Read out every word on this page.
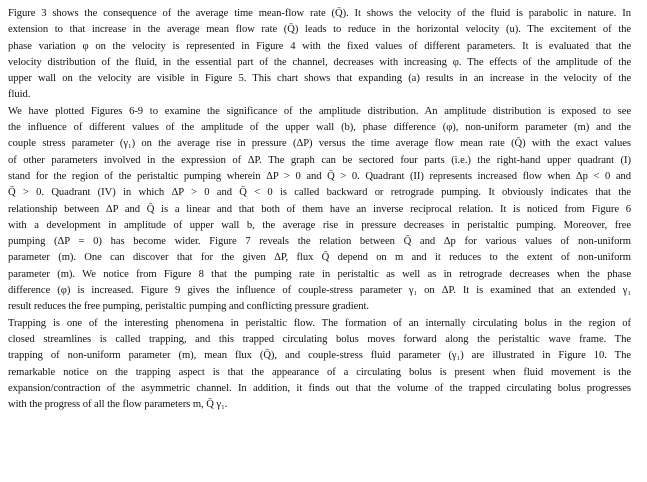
Figure 3 shows the consequence of the average time mean-flow rate (Q̄). It shows the velocity of the fluid is parabolic in nature. In
extension to that increase in the average mean flow rate (Q̄) leads to reduce in the horizontal velocity (u). The excitement of the
phase variation φ on the velocity is represented in Figure 4 with the fixed values of different parameters. It is evaluated that the
velocity distribution of the fluid, in the essential part of the channel, decreases with increasing φ. The effects of the amplitude of the
upper wall on the velocity are visible in Figure 5. This chart shows that expanding (a) results in an increase in the velocity of the
fluid.
We have plotted Figures 6-9 to examine the significance of the amplitude distribution. An amplitude distribution is exposed to see
the influence of different values of the amplitude of the upper wall (b), phase difference (φ), non-uniform parameter (m) and the
couple stress parameter (γ₁) on the average rise in pressure (ΔP) versus the time average flow mean rate (Q̄) with the exact values
of other parameters involved in the expression of ΔP. The graph can be sectored four parts (i.e.) the right-hand upper quadrant (I)
stand for the region of the peristaltic pumping wherein ΔP > 0 and Q̄ > 0. Quadrant (II) represents increased flow when Δp < 0 and
Q̄ > 0. Quadrant (IV) in which ΔP > 0 and Q̄ < 0 is called backward or retrograde pumping. It obviously indicates that the
relationship between ΔP and Q̄ is a linear and that both of them have an inverse reciprocal relation. It is noticed from Figure 6
with a development in amplitude of upper wall b, the average rise in pressure decreases in peristaltic pumping. Moreover, free
pumping (ΔP = 0) has become wider. Figure 7 reveals the relation between Q̄ and Δp for various values of non-uniform
parameter (m). One can discover that for the given ΔP, flux Q̄ depend on m and it reduces to the extent of non-uniform
parameter (m). We notice from Figure 8 that the pumping rate in peristaltic as well as in retrograde decreases when the phase
difference (φ) is increased. Figure 9 gives the influence of couple-stress parameter γ₁ on ΔP. It is examined that an extended γ₁
result reduces the free pumping, peristaltic pumping and conflicting pressure gradient.
Trapping is one of the interesting phenomena in peristaltic flow. The formation of an internally circulating bolus in the region of
closed streamlines is called trapping, and this trapped circulating bolus moves forward along the peristaltic wave frame. The
trapping of non-uniform parameter (m), mean flux (Q̄), and couple-stress fluid parameter (γ₁) are illustrated in Figure 10. The
remarkable notice on the trapping aspect is that the appearance of a circulating bolus is present when fluid movement is the
expansion/contraction of the asymmetric channel. In addition, it finds out that the volume of the trapped circulating bolus progresses
with the progress of all the flow parameters m, Q̄ γ₁.
